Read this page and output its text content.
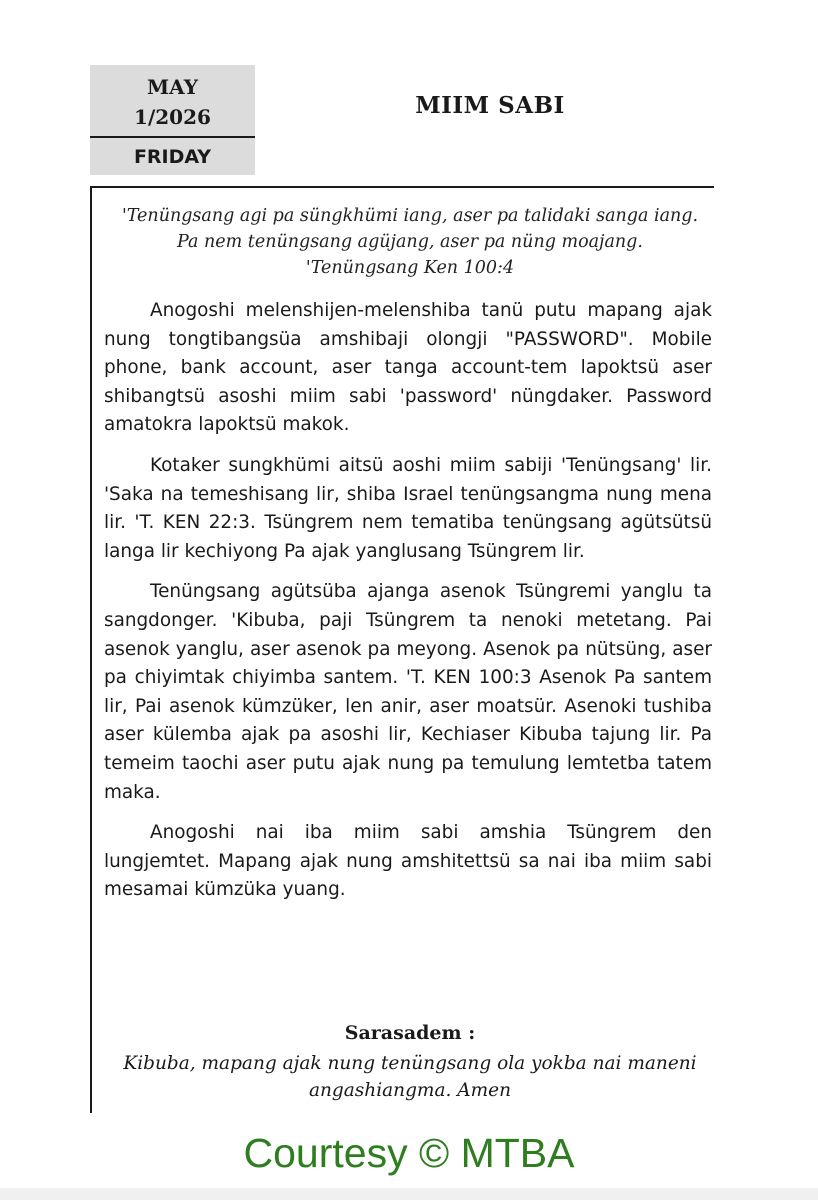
MAY
1/2026
FRIDAY
MIIM SABI
'Tenüngsang agi pa süngkhümi iang, aser pa talidaki sanga iang. Pa nem tenüngsang agüjang, aser pa nüng moajang.
'Tenüngsang Ken 100:4

Anogoshi melenshijen-melenshiba tanü putu mapang ajak nung tongtibangsüa amshibaji olongji "PASSWORD". Mobile phone, bank account, aser tanga account-tem lapoktsü aser shibangtsü asoshi miim sabi 'password' nüngdaker. Password amatokra lapoktsü makok.

Kotaker sungkhümi aitsü aoshi miim sabiji 'Tenüngsang' lir. 'Saka na temeshisang lir, shiba Israel tenüngsangma nung mena lir. 'T. KEN 22:3. Tsüngrem nem tematiba tenüngsang agütsütsü langa lir kechiyong Pa ajak yanglusang Tsüngrem lir.

Tenüngsang agütsüba ajanga asenok Tsüngremi yanglu ta sangdonger. 'Kibuba, paji Tsüngrem ta nenoki metetang. Pai asenok yanglu, aser asenok pa meyong. Asenok pa nütsüng, aser pa chiyimtak chiyimba santem. 'T. KEN 100:3 Asenok Pa santem lir, Pai asenok kümzüker, len anir, aser moatsür. Asenoki tushiba aser külemba ajak pa asoshi lir, Kechiaser Kibuba tajung lir. Pa temeim taochi aser putu ajak nung pa temulung lemtetba tatem maka.

Anogoshi nai iba miim sabi amshia Tsüngrem den lungjemtet. Mapang ajak nung amshitettsü sa nai iba miim sabi mesamai kümzüka yuang.

Sarasadem :
Kibuba, mapang ajak nung tenüngsang ola yokba nai maneni angashiangma. Amen
Courtesy © MTBA
